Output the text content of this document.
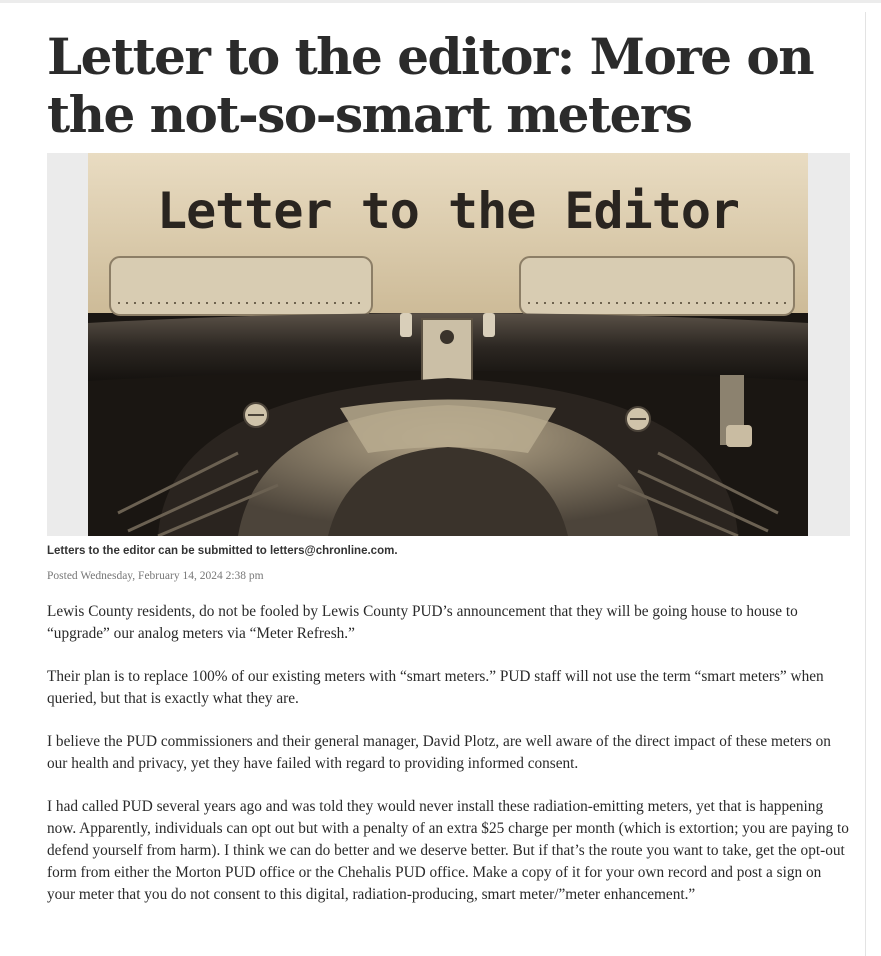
Letter to the editor: More on the not-so-smart meters
Letter to the Editor
Letters to the editor can be submitted to letters@chronline.com.
Posted Wednesday, February 14, 2024 2:38 pm

Lewis County residents, do not be fooled by Lewis County PUD’s announcement that they will be going house to house to “upgrade” our analog meters via “Meter Refresh.”

Their plan is to replace 100% of our existing meters with “smart meters.” PUD staff will not use the term “smart meters” when queried, but that is exactly what they are.

I believe the PUD commissioners and their general manager, David Plotz, are well aware of the direct impact of these meters on our health and privacy, yet they have failed with regard to providing informed consent.

I had called PUD several years ago and was told they would never install these radiation-emitting meters, yet that is happening now. Apparently, individuals can opt out but with a penalty of an extra $25 charge per month (which is extortion; you are paying to defend yourself from harm). I think we can do better and we deserve better. But if that’s the route you want to take, get the opt-out form from either the Morton PUD office or the Chehalis PUD office. Make a copy of it for your own record and post a sign on your meter that you do not consent to this digital, radiation-producing, smart meter/”meter enhancement.”
